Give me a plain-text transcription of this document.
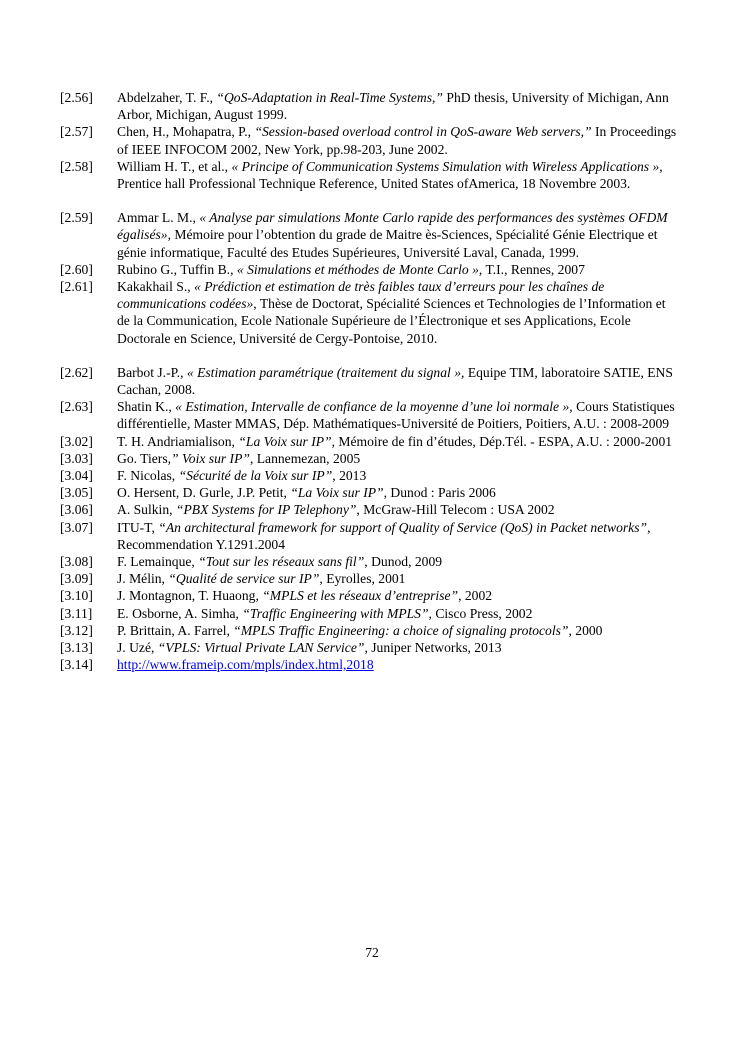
[2.56]	Abdelzaher, T. F., “QoS-Adaptation in Real-Time Systems,” PhD thesis, University of Michigan, Ann Arbor, Michigan, August 1999.
[2.57]	Chen, H., Mohapatra, P., “Session-based overload control in QoS-aware Web servers,” In Proceedings of IEEE INFOCOM 2002, New York, pp.98-203, June 2002.
[2.58]	William H. T., et al., « Principe of Communication Systems Simulation with Wireless Applications », Prentice hall Professional Technique Reference, United States ofAmerica, 18 Novembre 2003.
[2.59]	Ammar L. M., « Analyse par simulations Monte Carlo rapide des performances des systèmes OFDM égalisés», Mémoire pour l’obtention du grade de Maitre ès-Sciences, Spécialité Génie Electrique et génie informatique, Faculté des Etudes Supérieures, Université Laval, Canada, 1999.
[2.60]	Rubino G., Tuffin B., « Simulations et méthodes de Monte Carlo », T.I., Rennes, 2007
[2.61]	Kakakhail S., « Prédiction et estimation de très faibles taux d’erreurs pour les chaînes de communications codées», Thèse de Doctorat, Spécialité Sciences et Technologies de l’Information et de la Communication, Ecole Nationale Supérieure de l’Électronique et ses Applications, Ecole Doctorale en Science, Université de Cergy-Pontoise, 2010.
[2.62]	Barbot J.-P., « Estimation paramétrique (traitement du signal », Equipe TIM, laboratoire SATIE, ENS Cachan, 2008.
[2.63]	Shatin K., « Estimation, Intervalle de confiance de la moyenne d’une loi normale », Cours Statistiques différentielle, Master MMAS, Dép. Mathématiques-Université de Poitiers, Poitiers, A.U. : 2008-2009
[3.02]	T. H. Andriamialison, “La Voix sur IP”, Mémoire de fin d’études, Dép.Tél. - ESPA, A.U. : 2000-2001
[3.03]	Go. Tiers,” Voix sur IP”, Lannemezan, 2005
[3.04]	F. Nicolas, “Sécurité de la Voix sur IP”, 2013
[3.05]	O. Hersent, D. Gurle, J.P. Petit, “La Voix sur IP”, Dunod : Paris 2006
[3.06]	A. Sulkin, “PBX Systems for IP Telephony”, McGraw-Hill Telecom : USA 2002
[3.07]	ITU-T, “An architectural framework for support of Quality of Service (QoS) in Packet networks”, Recommendation Y.1291.2004
[3.08]	F. Lemainque, “Tout sur les réseaux sans fil”, Dunod, 2009
[3.09]	J. Mélin, “Qualité de service sur IP”, Eyrolles, 2001
[3.10]	J. Montagnon, T. Huaong, “MPLS et les réseaux d’entreprise”, 2002
[3.11]	E. Osborne, A. Simha, “Traffic Engineering with MPLS”, Cisco Press, 2002
[3.12]	P. Brittain, A. Farrel, “MPLS Traffic Engineering: a choice of signaling protocols”, 2000
[3.13]	J. Uzé, “VPLS: Virtual Private LAN Service”, Juniper Networks, 2013
[3.14]	http://www.frameip.com/mpls/index.html,2018
72
